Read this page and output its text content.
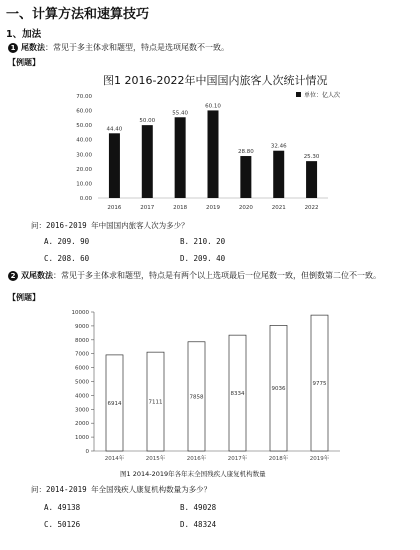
一、计算方法和速算技巧
1、加法
1 尾数法：常见于多主体求和题型，特点是选项尾数不一致。
【例题】
图1 2016-2022年中国国内旅客人次统计情况
单位：亿人次
0.00
10.00
20.00
30.00
40.00
50.00
60.00
70.00
44.40
2016
50.00
2017
55.40
2018
60.10
2019
28.80
2020
32.46
2021
25.30
2022
问：2016-2019 年中国国内旅客人次为多少？
A. 209. 90	B. 210. 20
C. 208. 60	D. 209. 40
2 双尾数法：常见于多主体求和题型，特点是有两个以上选项最后一位尾数一致，但倒数第二位不一致。
【例题】
0
1000
2000
3000
4000
5000
6000
7000
8000
9000
10000
6914
2014年
7111
2015年
7858
2016年
8334
2017年
9036
2018年
9775
2019年
图1 2014-2019年各年末全国残疾人康复机构数量
问：2014-2019 年全国残疾人康复机构数量为多少？
A. 49138	B. 49028
C. 50126	D. 48324
